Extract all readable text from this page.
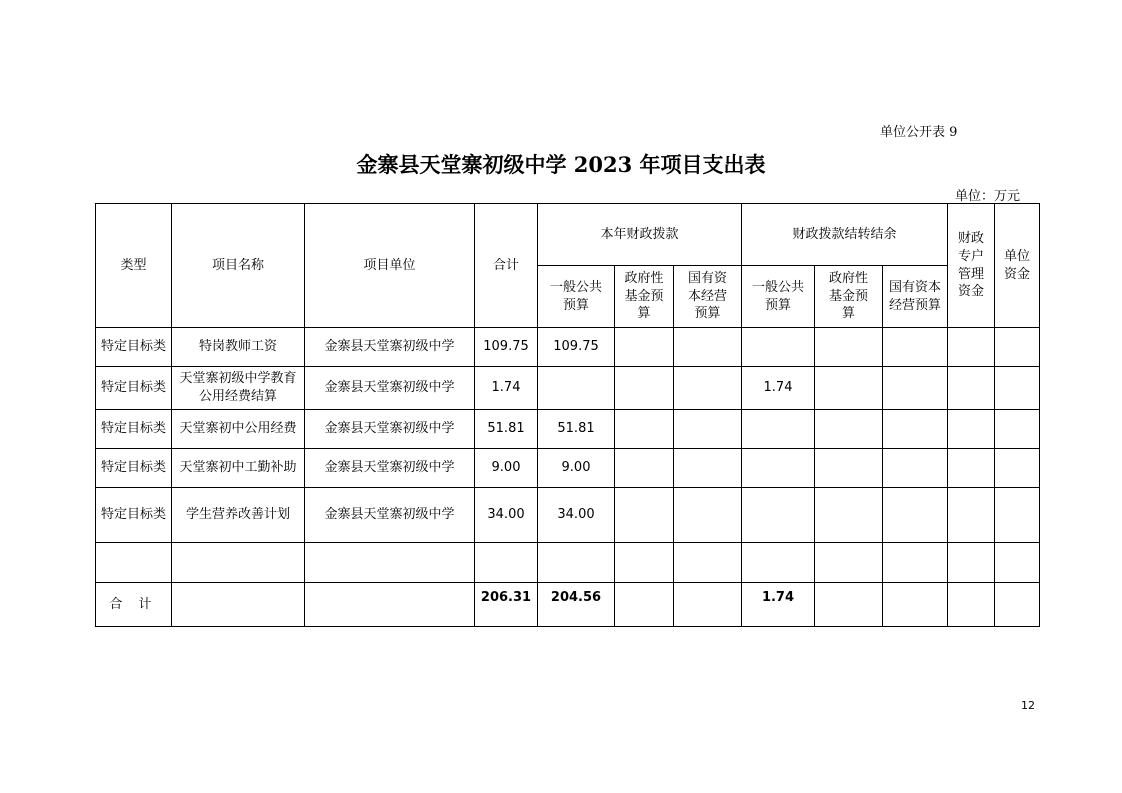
单位公开表 9
金寨县天堂寨初级中学 2023 年项目支出表
单位：万元
类型	项目名称	项目单位	合计	本年财政拨款			财政拨款结转结余			财政专户管理资金	单位资金
				一般公共预算	政府性基金预算	国有资本经营预算	一般公共预算	政府性基金预算	国有资本经营预算		
特定目标类	特岗教师工资	金寨县天堂寨初级中学	109.75	109.75							
特定目标类	天堂寨初级中学教育公用经费结算	金寨县天堂寨初级中学	1.74				1.74				
特定目标类	天堂寨初中公用经费	金寨县天堂寨初级中学	51.81	51.81							
特定目标类	天堂寨初中工勤补助	金寨县天堂寨初级中学	9.00	9.00							
特定目标类	学生营养改善计划	金寨县天堂寨初级中学	34.00	34.00							

合 计			206.31	204.56			1.74				
12
